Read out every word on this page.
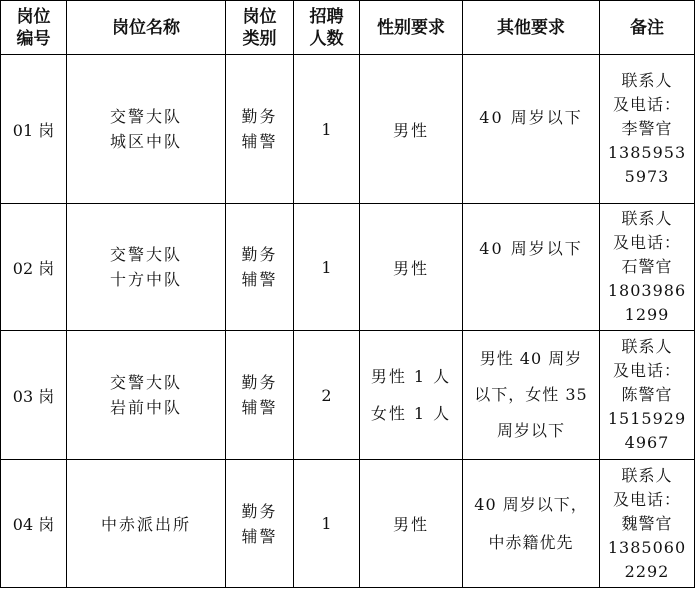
岗位
编号	岗位名称	岗位
类别	招聘
人数	性别要求	其他要求	备注

01 岗	交警大队
城区中队	勤务
辅警	1	男性	40 周岁以下	联系人
及电话：
李警官
1385953
5973

02 岗	交警大队
十方中队	勤务
辅警	1	男性	40 周岁以下	联系人
及电话：
石警官
1803986
1299

03 岗	交警大队
岩前中队	勤务
辅警	2	男性 1 人
女性 1 人	男性 40 周岁
以下，女性 35
周岁以下	联系人
及电话：
陈警官
1515929
4967

04 岗	中赤派出所	勤务
辅警	1	男性	40 周岁以下，
中赤籍优先	联系人
及电话：
魏警官
1385060
2292
